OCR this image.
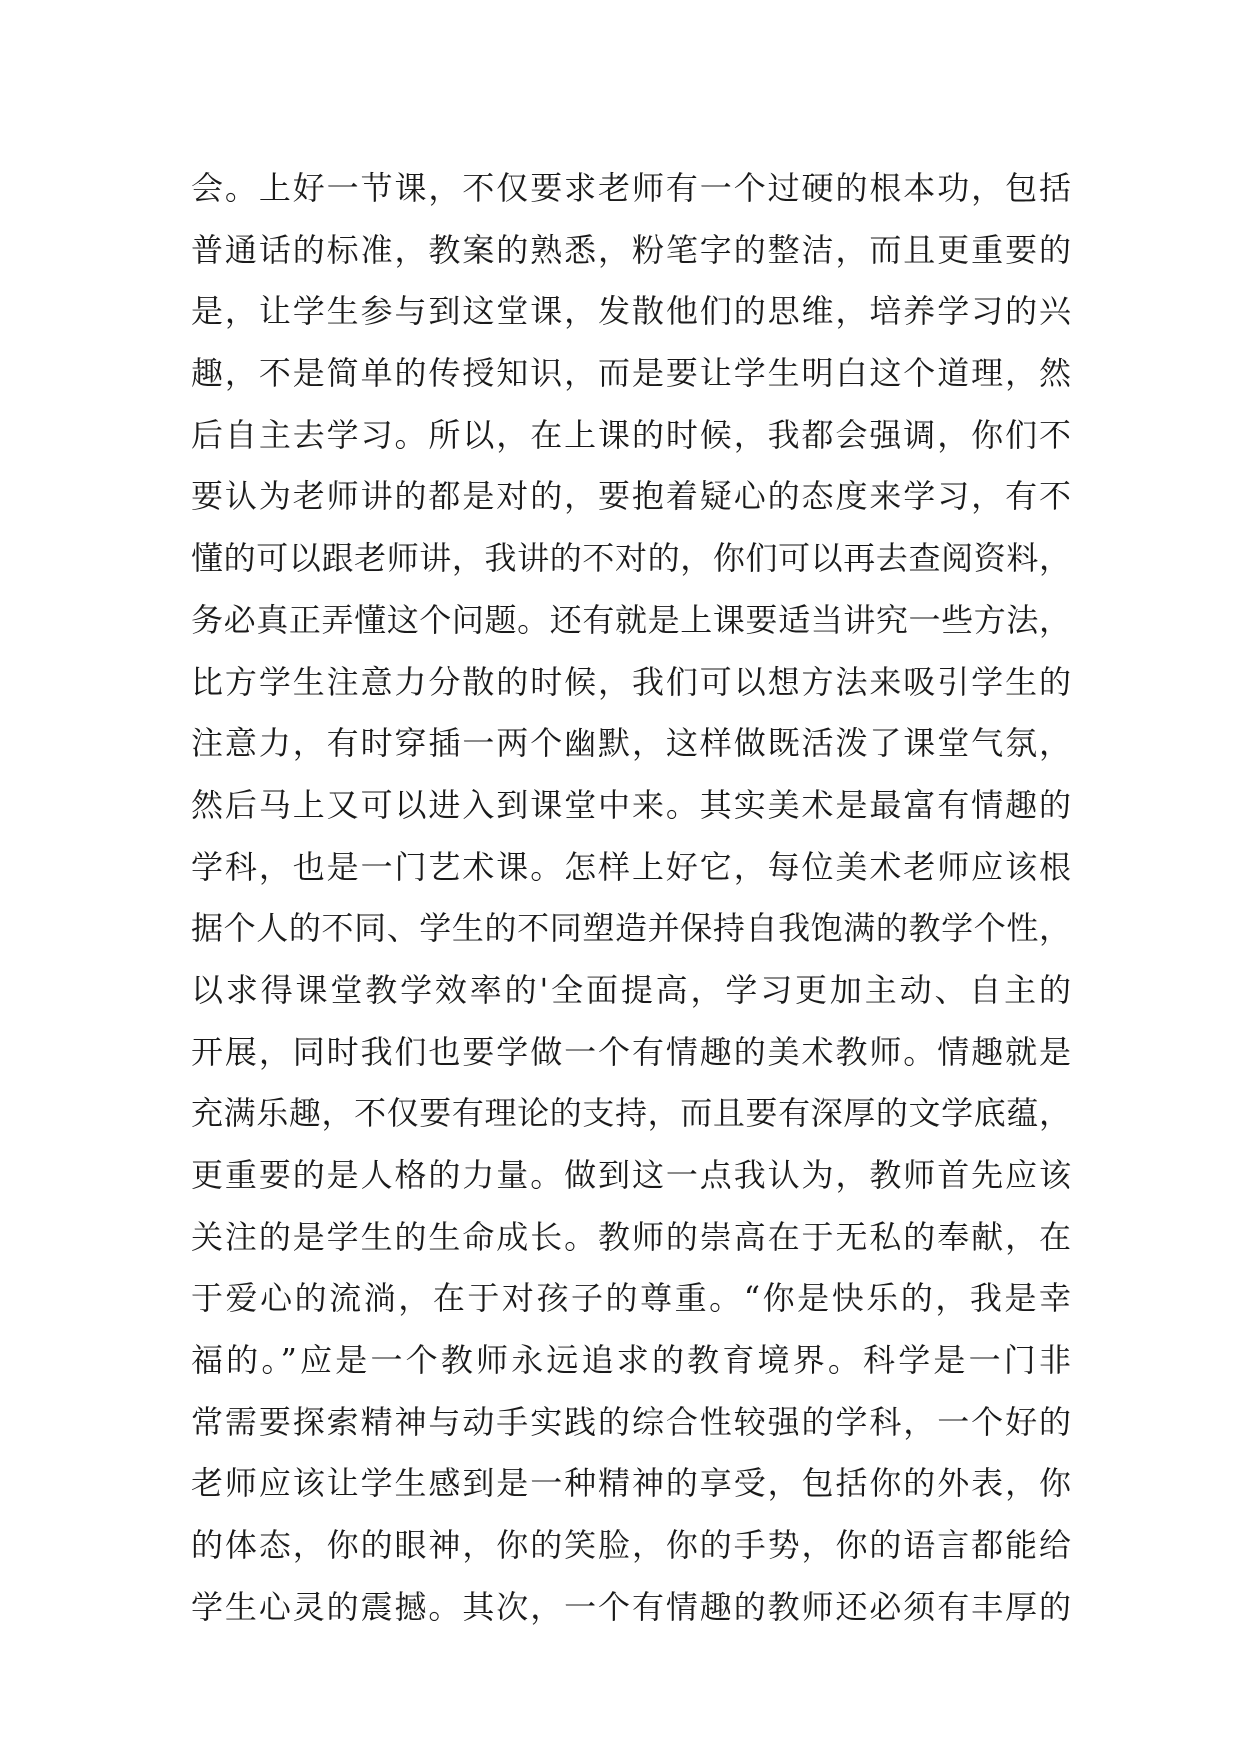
会。上好一节课，不仅要求老师有一个过硬的根本功，包括
普通话的标准，教案的熟悉，粉笔字的整洁，而且更重要的
是，让学生参与到这堂课，发散他们的思维，培养学习的兴
趣，不是简单的传授知识，而是要让学生明白这个道理，然
后自主去学习。所以，在上课的时候，我都会强调，你们不
要认为老师讲的都是对的，要抱着疑心的态度来学习，有不
懂的可以跟老师讲，我讲的不对的，你们可以再去查阅资料，
务必真正弄懂这个问题。还有就是上课要适当讲究一些方法，
比方学生注意力分散的时候，我们可以想方法来吸引学生的
注意力，有时穿插一两个幽默，这样做既活泼了课堂气氛，
然后马上又可以进入到课堂中来。其实美术是最富有情趣的
学科，也是一门艺术课。怎样上好它，每位美术老师应该根
据个人的不同、学生的不同塑造并保持自我饱满的教学个性，
以求得课堂教学效率的'全面提高，学习更加主动、自主的
开展，同时我们也要学做一个有情趣的美术教师。情趣就是
充满乐趣，不仅要有理论的支持，而且要有深厚的文学底蕴，
更重要的是人格的力量。做到这一点我认为，教师首先应该
关注的是学生的生命成长。教师的崇高在于无私的奉献，在
于爱心的流淌，在于对孩子的尊重。“你是快乐的，我是幸
福的。”应是一个教师永远追求的教育境界。科学是一门非
常需要探索精神与动手实践的综合性较强的学科，一个好的
老师应该让学生感到是一种精神的享受，包括你的外表，你
的体态，你的眼神，你的笑脸，你的手势，你的语言都能给
学生心灵的震撼。其次，一个有情趣的教师还必须有丰厚的
